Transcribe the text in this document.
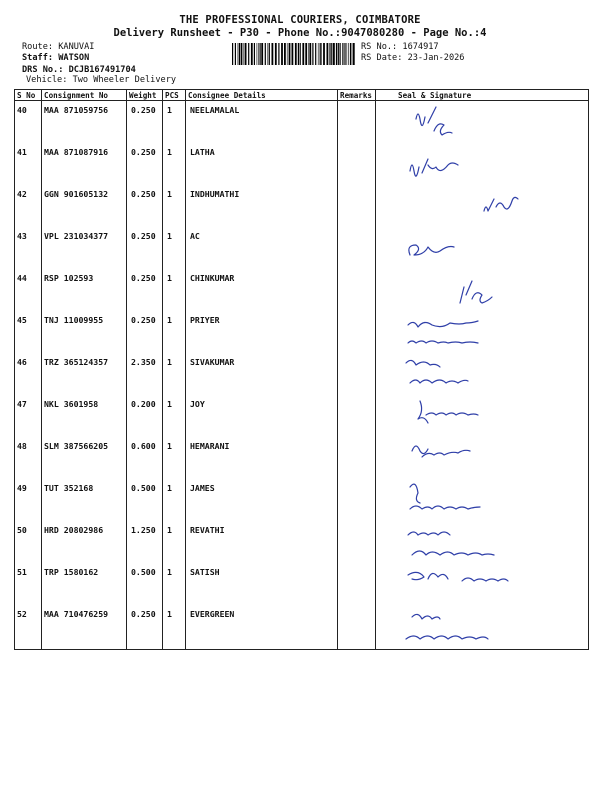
THE PROFESSIONAL COURIERS, COIMBATORE
Delivery Runsheet - P30 - Phone No.:9047080280 - Page No.:4
Route: KANUVAI
Staff: WATSON
DRS No.: DCJB167491704
Vehicle: Two Wheeler Delivery
RS No.: 1674917
RS Date: 23-Jan-2026
S No	Consignment No	Weight	PCS	Consignee Details	Remarks	Seal & Signature

40	MAA 871059756	0.250	1	NEELAMALAL

41	MAA 871087916	0.250	1	LATHA

42	GGN 901605132	0.250	1	INDHUMATHI

43	VPL 231034377	0.250	1	AC

44	RSP 102593	0.250	1	CHINKUMAR

45	TNJ 11009955	0.250	1	PRIYER

46	TRZ 365124357	2.350	1	SIVAKUMAR

47	NKL 3601958	0.200	1	JOY

48	SLM 387566205	0.600	1	HEMARANI

49	TUT 352168	0.500	1	JAMES

50	HRD 20802986	1.250	1	REVATHI

51	TRP 1580162	0.500	1	SATISH

52	MAA 710476259	0.250	1	EVERGREEN
